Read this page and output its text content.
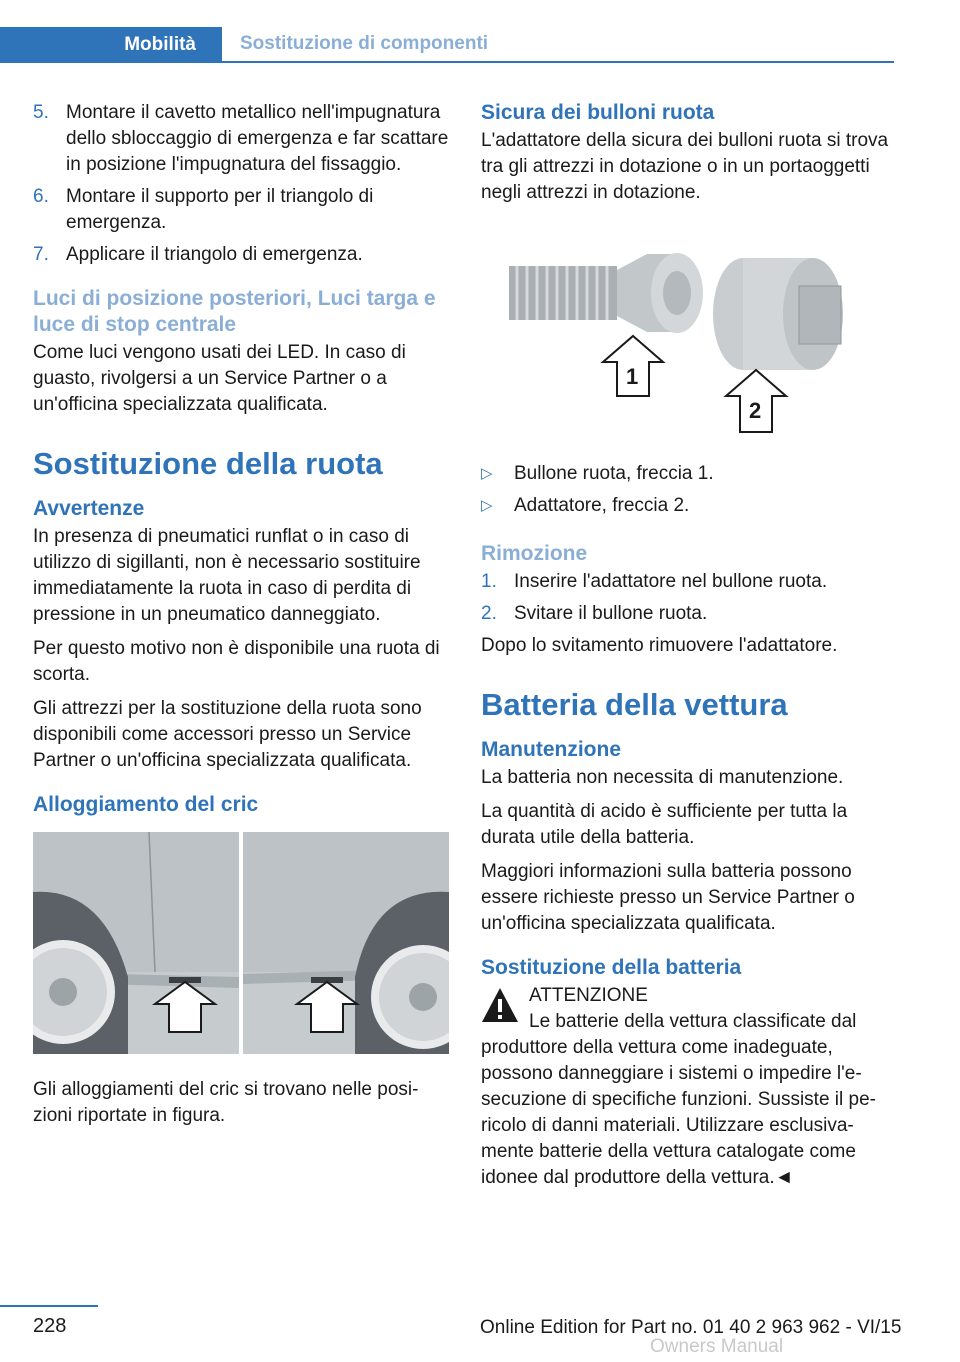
Mobilità	Sostituzione di componenti
5. Montare il cavetto metallico nell'impugnatura dello sbloccaggio di emergenza e far scattare in posizione l'impugnatura del fissaggio.
6. Montare il supporto per il triangolo di emergenza.
7. Applicare il triangolo di emergenza.
Luci di posizione posteriori, Luci targa e luce di stop centrale

Come luci vengono usati dei LED. In caso di guasto, rivolgersi a un Service Partner o a un'officina specializzata qualificata.

Sostituzione della ruota
Avvertenze

In presenza di pneumatici runflat o in caso di utilizzo di sigillanti, non è necessario sostituire immediatamente la ruota in caso di perdita di pressione in un pneumatico danneggiato.

Per questo motivo non è disponibile una ruota di scorta.

Gli attrezzi per la sostituzione della ruota sono disponibili come accessori presso un Service Partner o un'officina specializzata qualificata.

Alloggiamento del cric

Gli alloggiamenti del cric si trovano nelle posizioni riportate in figura.

Sicura dei bulloni ruota

L'adattatore della sicura dei bulloni ruota si trova tra gli attrezzi in dotazione o in un portaoggetti negli attrezzi in dotazione.

1
2
▷	Bullone ruota, freccia 1.
▷	Adattatore, freccia 2.
Rimozione
1. Inserire l'adattatore nel bullone ruota.
2. Svitare il bullone ruota.

Dopo lo svitamento rimuovere l'adattatore.

Batteria della vettura
Manutenzione

La batteria non necessita di manutenzione.

La quantità di acido è sufficiente per tutta la durata utile della batteria.

Maggiori informazioni sulla batteria possono essere richieste presso un Service Partner o un'officina specializzata qualificata.

Sostituzione della batteria

ATTENZIONE

Le batterie della vettura classificate dal

produttore della vettura come inadeguate, possono danneggiare i sistemi o impedire l'esecuzione di specifiche funzioni. Sussiste il pericolo di danni materiali. Utilizzare esclusivamente batterie della vettura catalogate come idonee dal produttore della vettura.◄

228	Online Edition for Part no. 01 40 2 963 962 - VI/15
Owners Manual
